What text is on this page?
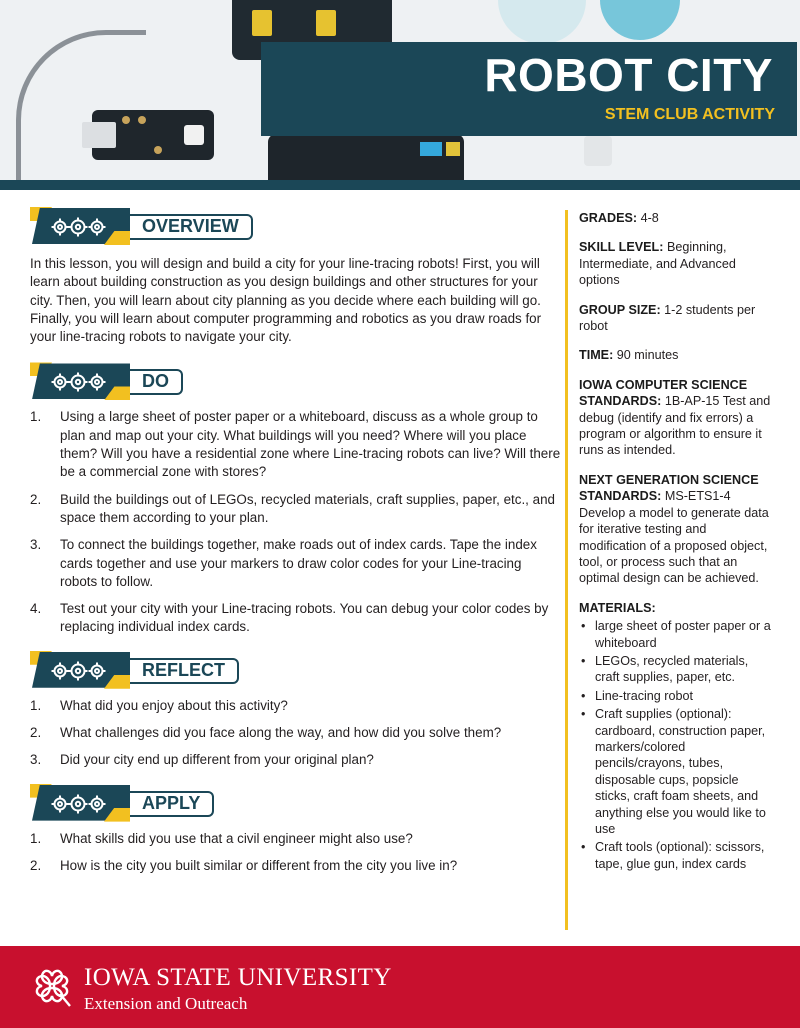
ROBOT CITY
STEM CLUB ACTIVITY
OVERVIEW

In this lesson, you will design and build a city for your line-tracing robots! First, you will learn about building construction as you design buildings and other structures for your city. Then, you will learn about city planning as you decide where each building will go. Finally, you will learn about computer programming and robotics as you draw roads for your line-tracing robots to navigate your city.

DO
1. Using a large sheet of poster paper or a whiteboard, discuss as a whole group to plan and map out your city. What buildings will you need? Where will you place them? Will you have a residential zone where Line-tracing robots can live? Will there be a commercial zone with stores?
2. Build the buildings out of LEGOs, recycled materials, craft supplies, paper, etc., and space them according to your plan.
3. To connect the buildings together, make roads out of index cards. Tape the index cards together and use your markers to draw color codes for your Line-tracing robots to follow.
4. Test out your city with your Line-tracing robots. You can debug your color codes by replacing individual index cards.
REFLECT
1. What did you enjoy about this activity?
2. What challenges did you face along the way, and how did you solve them?
3. Did your city end up different from your original plan?
APPLY
1. What skills did you use that a civil engineer might also use?
2. How is the city you built similar or different from the city you live in?
GRADES: 4-8
SKILL LEVEL: Beginning, Intermediate, and Advanced options
GROUP SIZE: 1-2 students per robot
TIME: 90 minutes
IOWA COMPUTER SCIENCE STANDARDS: 1B-AP-15 Test and debug (identify and fix errors) a program or algorithm to ensure it runs as intended.
NEXT GENERATION SCIENCE STANDARDS: MS-ETS1-4 Develop a model to generate data for iterative testing and modification of a proposed object, tool, or process such that an optimal design can be achieved.
MATERIALS:
• large sheet of poster paper or a whiteboard
• LEGOs, recycled materials, craft supplies, paper, etc.
• Line-tracing robot
• Craft supplies (optional): cardboard, construction paper, markers/colored pencils/crayons, tubes, disposable cups, popsicle sticks, craft foam sheets, and anything else you would like to use
• Craft tools (optional): scissors, tape, glue gun, index cards
IOWA STATE UNIVERSITY
Extension and Outreach
